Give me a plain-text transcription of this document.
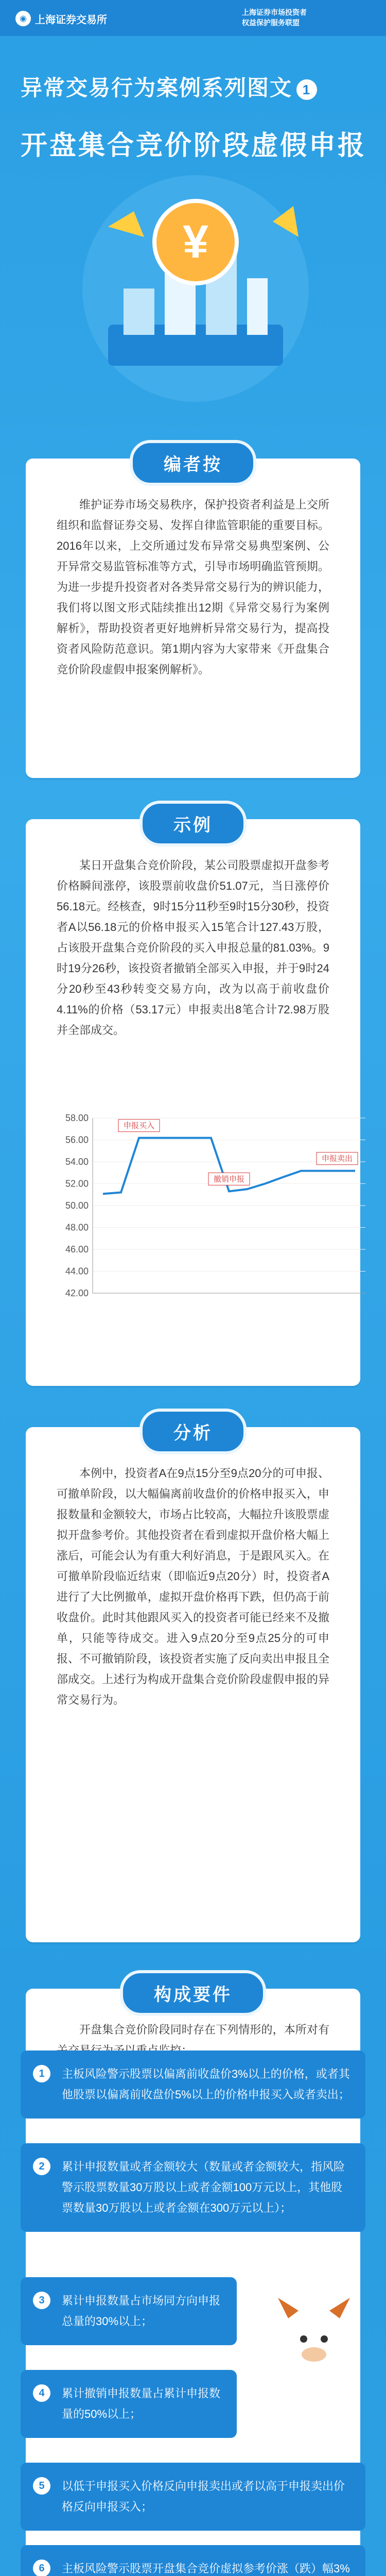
◉ 上海证券交易所
上海证券市场投资者
权益保护服务联盟
异常交易行为案例系列图文 1
开盘集合竞价阶段虚假申报
¥
编者按

维护证券市场交易秩序，保护投资者利益是上交所组织和监督证券交易、发挥自律监管职能的重要目标。2016年以来，上交所通过发布异常交易典型案例、公开异常交易监管标准等方式，引导市场明确监管预期。为进一步提升投资者对各类异常交易行为的辨识能力，我们将以图文形式陆续推出12期《异常交易行为案例解析》，帮助投资者更好地辨析异常交易行为，提高投资者风险防范意识。第1期内容为大家带来《开盘集合竞价阶段虚假申报案例解析》。

示例

某日开盘集合竞价阶段，某公司股票虚拟开盘参考价格瞬间涨停，该股票前收盘价51.07元，当日涨停价56.18元。经核查，9时15分11秒至9时15分30秒，投资者A以56.18元的价格申报买入15笔合计127.43万股，占该股开盘集合竞价阶段的买入申报总量的81.03%。9时19分26秒，该投资者撤销全部买入申报，并于9时24分20秒至43秒转变交易方向，改为以高于前收盘价4.11%的价格（53.17元）申报卖出8笔合计72.98万股并全部成交。

58.00
56.00
54.00
52.00
50.00
48.00
46.00
44.00
42.00
申报买入
撤销申报
申报卖出
分析

本例中，投资者A在9点15分至9点20分的可申报、可撤单阶段，以大幅偏离前收盘价的价格申报买入，申报数量和金额较大，市场占比较高，大幅拉升该股票虚拟开盘参考价。其他投资者在看到虚拟开盘价格大幅上涨后，可能会认为有重大利好消息，于是跟风买入。在可撤单阶段临近结束（即临近9点20分）时，投资者A进行了大比例撤单，虚拟开盘价格再下跌，但仍高于前收盘价。此时其他跟风买入的投资者可能已经来不及撤单，只能等待成交。进入9点20分至9点25分的可申报、不可撤销阶段，该投资者实施了反向卖出申报且全部成交。上述行为构成开盘集合竞价阶段虚假申报的异常交易行为。

构成要件

开盘集合竞价阶段同时存在下列情形的，本所对有

1	主板风险警示股票以偏离前收盘价3%以上的价格，或者其他股票以偏离前收盘价5%以上的价格申报买入或者卖出；
2	累计申报数量或者金额较大（数量或者金额较大，指风险警示股票数量30万股以上或者金额100万元以上，其他股票数量30万股以上或者金额在300万元以上）；
3	累计申报数量占市场同方向申报总量的30%以上；
4	累计撤销申报数量占累计申报数量的50%以上；
5	以低于申报买入价格反向申报卖出或者以高于申报卖出价格反向申报买入；
6	主板风险警示股票开盘集合竞价虚拟参考价涨（跌）幅3%
